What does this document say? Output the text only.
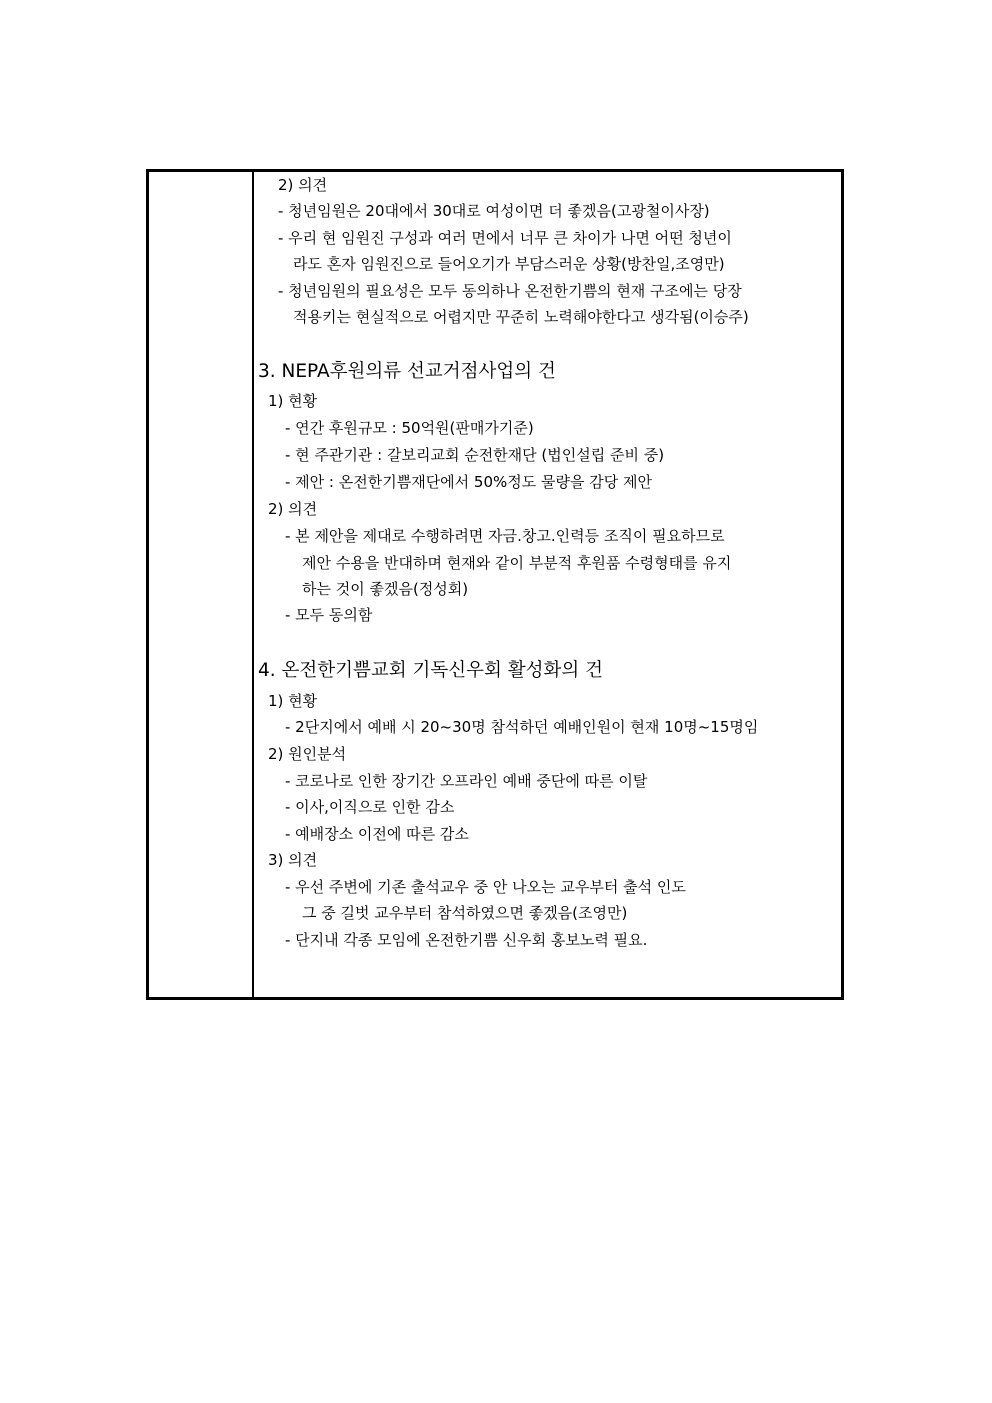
2) 의견
- 청년임원은 20대에서 30대로 여성이면 더 좋겠음(고광철이사장)
- 우리 현 임원진 구성과 여러 면에서 너무 큰 차이가 나면 어떤 청년이
라도 혼자 임원진으로 들어오기가 부담스러운 상황(방찬일,조영만)
- 청년임원의 필요성은 모두 동의하나 온전한기쁨의 현재 구조에는 당장
적용키는 현실적으로 어렵지만 꾸준히 노력해야한다고 생각됨(이승주)
3. NEPA후원의류 선교거점사업의 건
1) 현황
- 연간 후원규모 : 50억원(판매가기준)
- 현 주관기관 : 갈보리교회 순전한재단 (법인설립 준비 중)
- 제안 : 온전한기쁨재단에서 50%정도 물량을 감당 제안
2) 의견
- 본 제안을 제대로 수행하려면 자금.창고.인력등 조직이 필요하므로
제안 수용을 반대하며 현재와 같이 부분적 후원품 수령형태를 유지
하는 것이 좋겠음(정성회)
- 모두 동의함
4. 온전한기쁨교회 기독신우회 활성화의 건
1) 현황
- 2단지에서 예배 시 20~30명 참석하던 예배인원이 현재 10명~15명임
2) 원인분석
- 코로나로 인한 장기간 오프라인 예배 중단에 따른 이탈
- 이사,이직으로 인한 감소
- 예배장소 이전에 따른 감소
3) 의견
- 우선 주변에 기존 출석교우 중 안 나오는 교우부터 출석 인도
그 중 길벗 교우부터 참석하였으면 좋겠음(조영만)
- 단지내 각종 모임에 온전한기쁨 신우회 홍보노력 필요.
